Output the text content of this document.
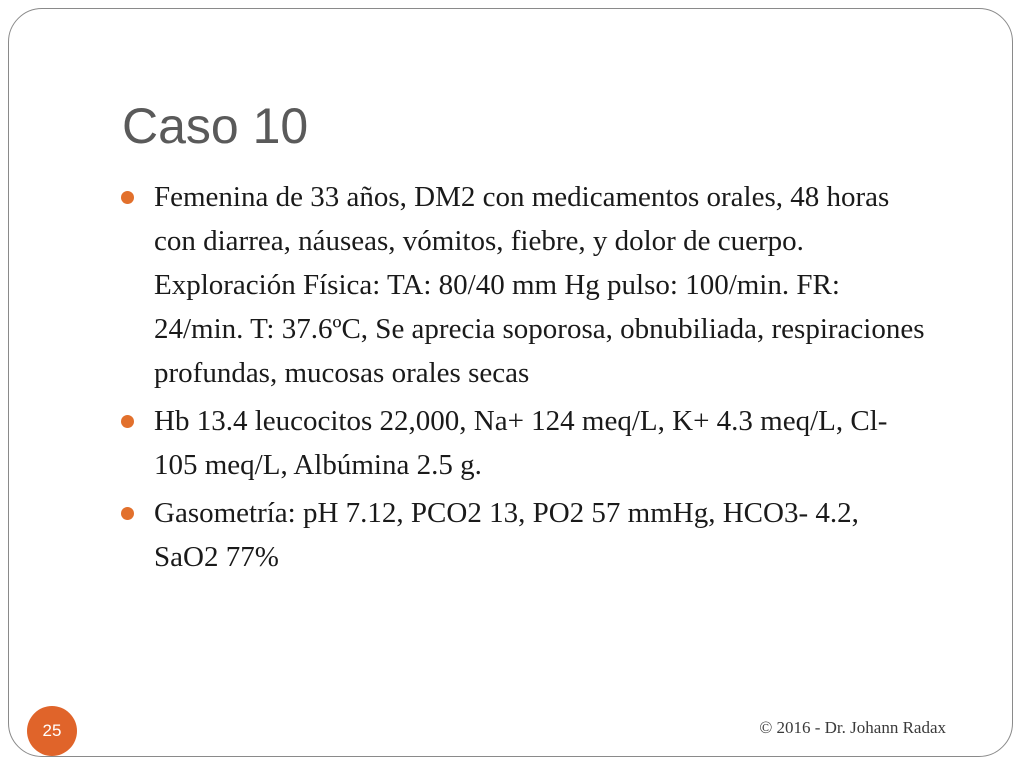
Caso 10
Femenina de 33 años, DM2 con medicamentos orales, 48 horas con diarrea, náuseas, vómitos, fiebre, y dolor de cuerpo. Exploración Física: TA: 80/40 mm Hg pulso: 100/min. FR: 24/min. T: 37.6ºC, Se aprecia soporosa, obnubiliada, respiraciones profundas, mucosas orales secas
Hb 13.4 leucocitos 22,000, Na+ 124 meq/L, K+ 4.3 meq/L, Cl- 105 meq/L, Albúmina 2.5 g.
Gasometría: pH 7.12, PCO2 13, PO2 57 mmHg, HCO3- 4.2, SaO2 77%
25	© 2016 - Dr. Johann Radax
